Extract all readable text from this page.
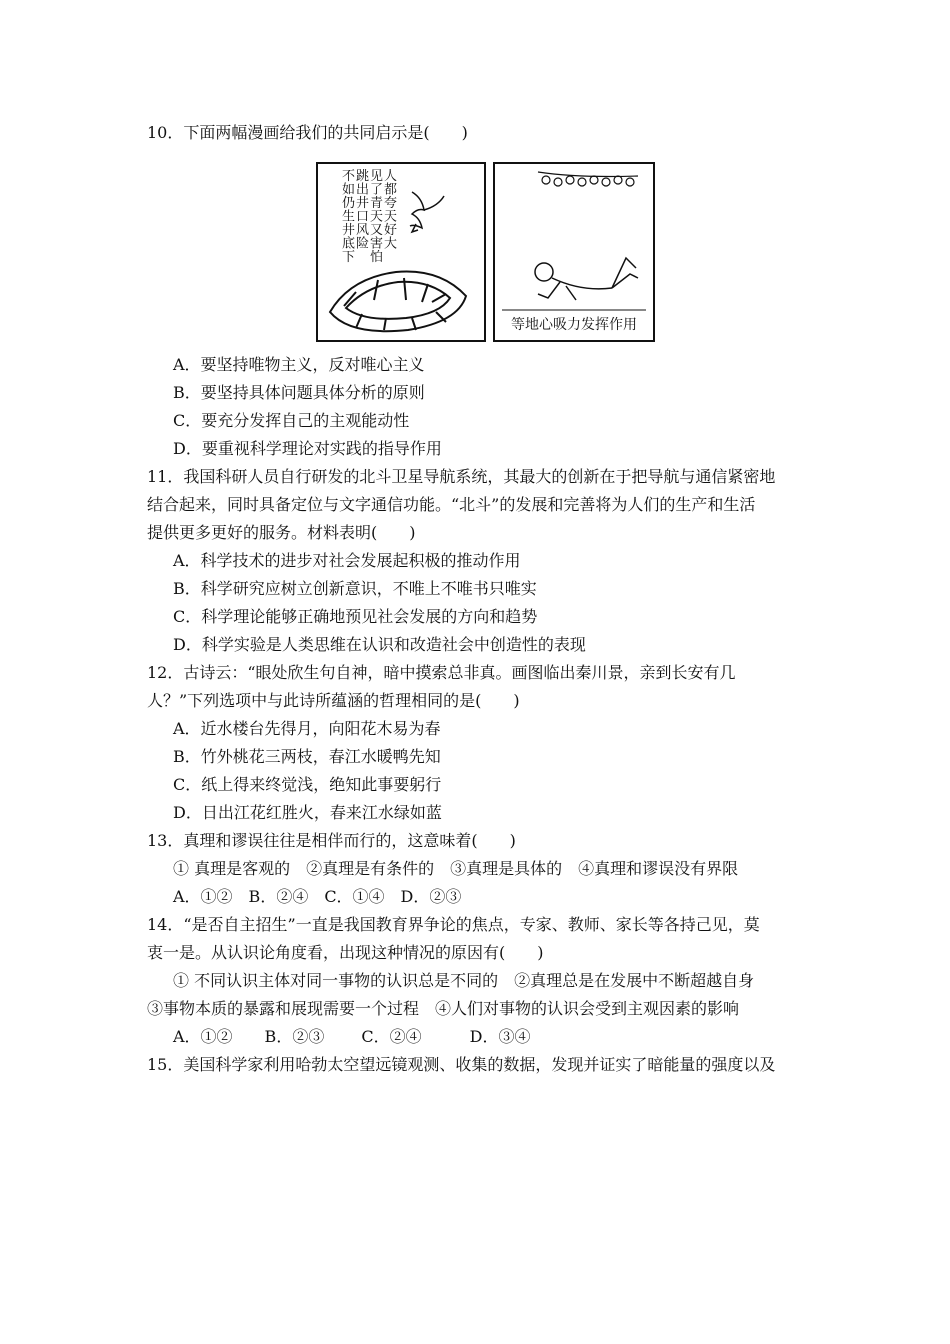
10．下面两幅漫画给我们的共同启示是(　　)
人
都
夸
天
好
大
见
了
青
天
又
害
怕
跳
出
井
口
风
险
不
如
仍
生
井
底
下
等地心吸力发挥作用
A．要坚持唯物主义，反对唯心主义
B．要坚持具体问题具体分析的原则
C．要充分发挥自己的主观能动性
D．要重视科学理论对实践的指导作用
11．我国科研人员自行研发的北斗卫星导航系统，其最大的创新在于把导航与通信紧密地
结合起来，同时具备定位与文字通信功能。“北斗”的发展和完善将为人们的生产和生活
提供更多更好的服务。材料表明(　　)
A．科学技术的进步对社会发展起积极的推动作用
B．科学研究应树立创新意识，不唯上不唯书只唯实
C．科学理论能够正确地预见社会发展的方向和趋势
D．科学实验是人类思维在认识和改造社会中创造性的表现
12．古诗云：“眼处欣生句自神，暗中摸索总非真。画图临出秦川景，亲到长安有几
人？”下列选项中与此诗所蕴涵的哲理相同的是(　　)
A．近水楼台先得月，向阳花木易为春
B．竹外桃花三两枝，春江水暖鸭先知
C．纸上得来终觉浅，绝知此事要躬行
D．日出江花红胜火，春来江水绿如蓝
13．真理和谬误往往是相伴而行的，这意味着(　　)
① 真理是客观的　②真理是有条件的　③真理是具体的　④真理和谬误没有界限
A．①②　B．②④　C．①④　D．②③
14．“是否自主招生”一直是我国教育界争论的焦点，专家、教师、家长等各持己见，莫
衷一是。从认识论角度看，出现这种情况的原因有(　　)
① 不同认识主体对同一事物的认识总是不同的　②真理总是在发展中不断超越自身
③事物本质的暴露和展现需要一个过程　④人们对事物的认识会受到主观因素的影响
A．①②　　B．②③　　 C．②④　　　D．③④
15．美国科学家利用哈勃太空望远镜观测、收集的数据，发现并证实了暗能量的强度以及
